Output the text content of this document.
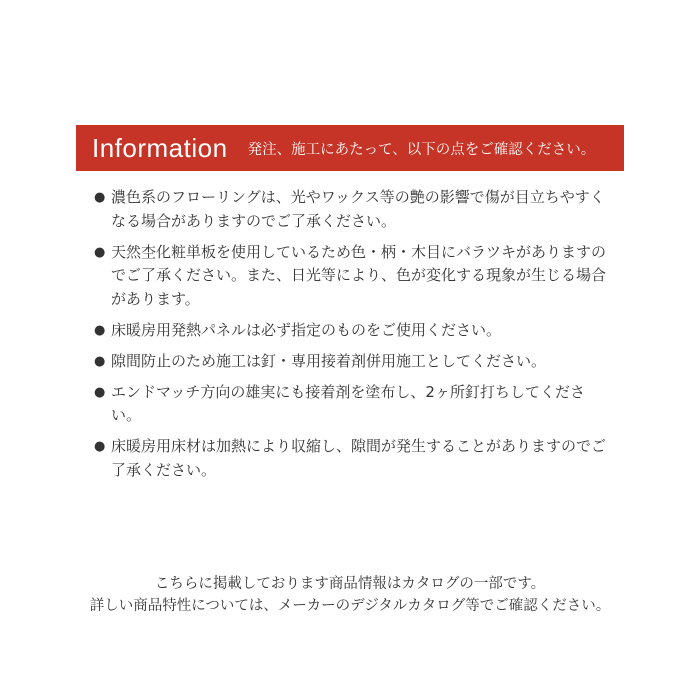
Information 発注、施工にあたって、以下の点をご確認ください。
● 濃色系のフローリングは、光やワックス等の艶の影響で傷が目立ちやすくなる場合がありますのでご了承ください。
● 天然杢化粧単板を使用しているため色・柄・木目にバラツキがありますのでご了承ください。また、日光等により、色が変化する現象が生じる場合があります。
● 床暖房用発熱パネルは必ず指定のものをご使用ください。
● 隙間防止のため施工は釘・専用接着剤併用施工としてください。
● エンドマッチ方向の雄実にも接着剤を塗布し、2ヶ所釘打ちしてください。
● 床暖房用床材は加熱により収縮し、隙間が発生することがありますのでご了承ください。
こちらに掲載しております商品情報はカタログの一部です。
詳しい商品特性については、メーカーのデジタルカタログ等でご確認ください。
